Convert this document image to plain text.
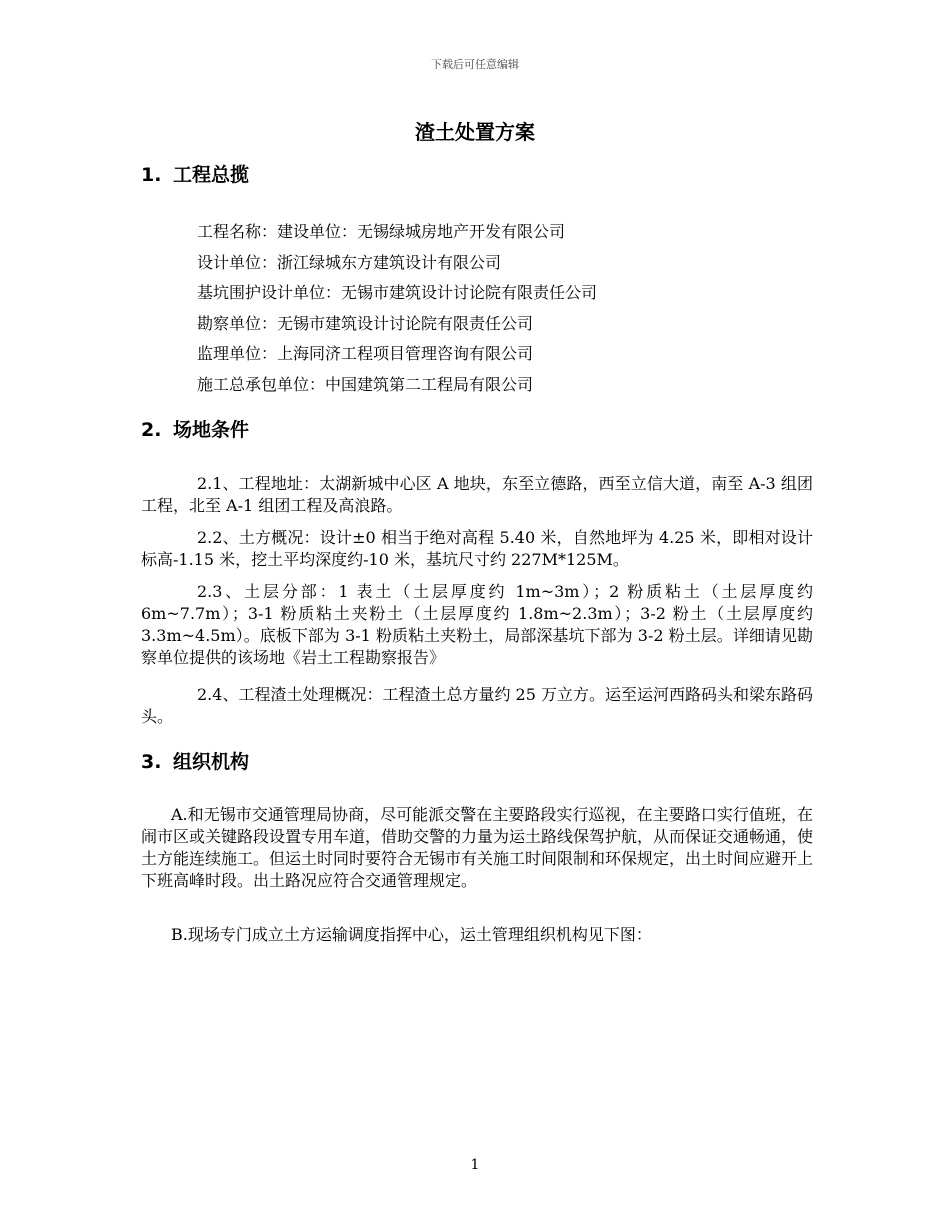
下载后可任意编辑
渣土处置方案
1. 工程总揽
工程名称：建设单位：无锡绿城房地产开发有限公司
设计单位：浙江绿城东方建筑设计有限公司
基坑围护设计单位：无锡市建筑设计讨论院有限责任公司
勘察单位：无锡市建筑设计讨论院有限责任公司
监理单位：上海同济工程项目管理咨询有限公司
施工总承包单位：中国建筑第二工程局有限公司
2. 场地条件

2.1、工程地址：太湖新城中心区 A 地块，东至立德路，西至立信大道，南至 A-3 组团工程，北至 A-1 组团工程及高浪路。

2.2、土方概况：设计±0 相当于绝对高程 5.40 米，自然地坪为 4.25 米，即相对设计标高-1.15 米，挖土平均深度约-10 米，基坑尺寸约 227M*125M。

2.3、土层分部：1 表土（土层厚度约 1m~3m）；2 粉质粘土（土层厚度约 6m~7.7m）；3-1 粉质粘土夹粉土（土层厚度约 1.8m~2.3m）；3-2 粉土（土层厚度约 3.3m~4.5m）。底板下部为 3-1 粉质粘土夹粉土，局部深基坑下部为 3-2 粉土层。详细请见勘察单位提供的该场地《岩土工程勘察报告》

2.4、工程渣土处理概况：工程渣土总方量约 25 万立方。运至运河西路码头和梁东路码头。

3. 组织机构

A.和无锡市交通管理局协商，尽可能派交警在主要路段实行巡视，在主要路口实行值班，在闹市区或关键路段设置专用车道，借助交警的力量为运土路线保驾护航，从而保证交通畅通，使土方能连续施工。但运土时同时要符合无锡市有关施工时间限制和环保规定，出土时间应避开上下班高峰时段。出土路况应符合交通管理规定。

B.现场专门成立土方运输调度指挥中心，运土管理组织机构见下图：

1
